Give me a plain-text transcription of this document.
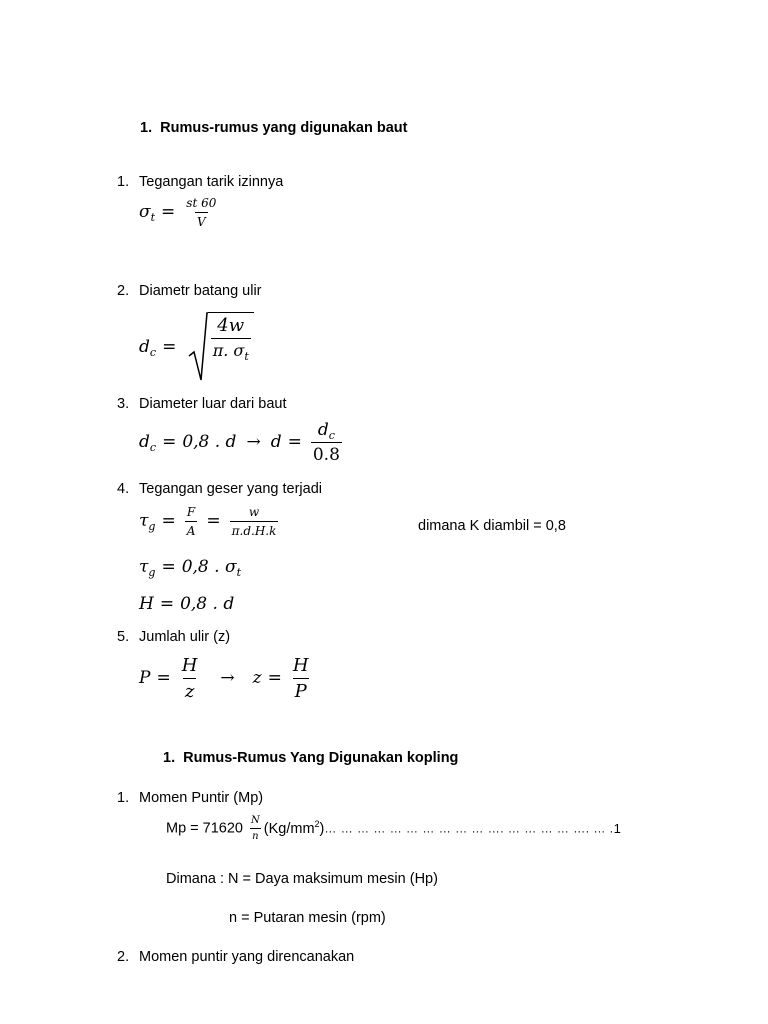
1. Rumus-rumus yang digunakan baut
1. Tegangan tarik izinnya
$\sigma_t = \frac{st 60}{V}$
2. Diametr batang ulir
$d_c = \frac{4w}{\pi. \sigma_t}$
3. Diameter luar dari baut
$d_c = 0,8$ . $d \to d = \frac{d_c}{0.8}$
4. Tegangan geser yang terjadi
$\tau_g = \frac{F}{A} = \frac{w}{\pi.d.H.k}$	dimana K diambil = 0,8
$\tau_g = 0,8$ . $\sigma_t$
H = 0,8 . d
5. Jumlah ulir (z)
$P = \frac{H}{z} \to z = \frac{H}{P}$
1. Rumus-Rumus Yang Digunakan kopling
1. Momen Puntir (Mp)
$Mp = 71620 \frac{N}{n}$ $(Kg/mm^2)\dots$ … … … … … … … … … …. … … … … …. … .1
Dimana : N = Daya maksimum mesin (Hp)
n = Putaran mesin (rpm)
2. Momen puntir yang direncanakan
